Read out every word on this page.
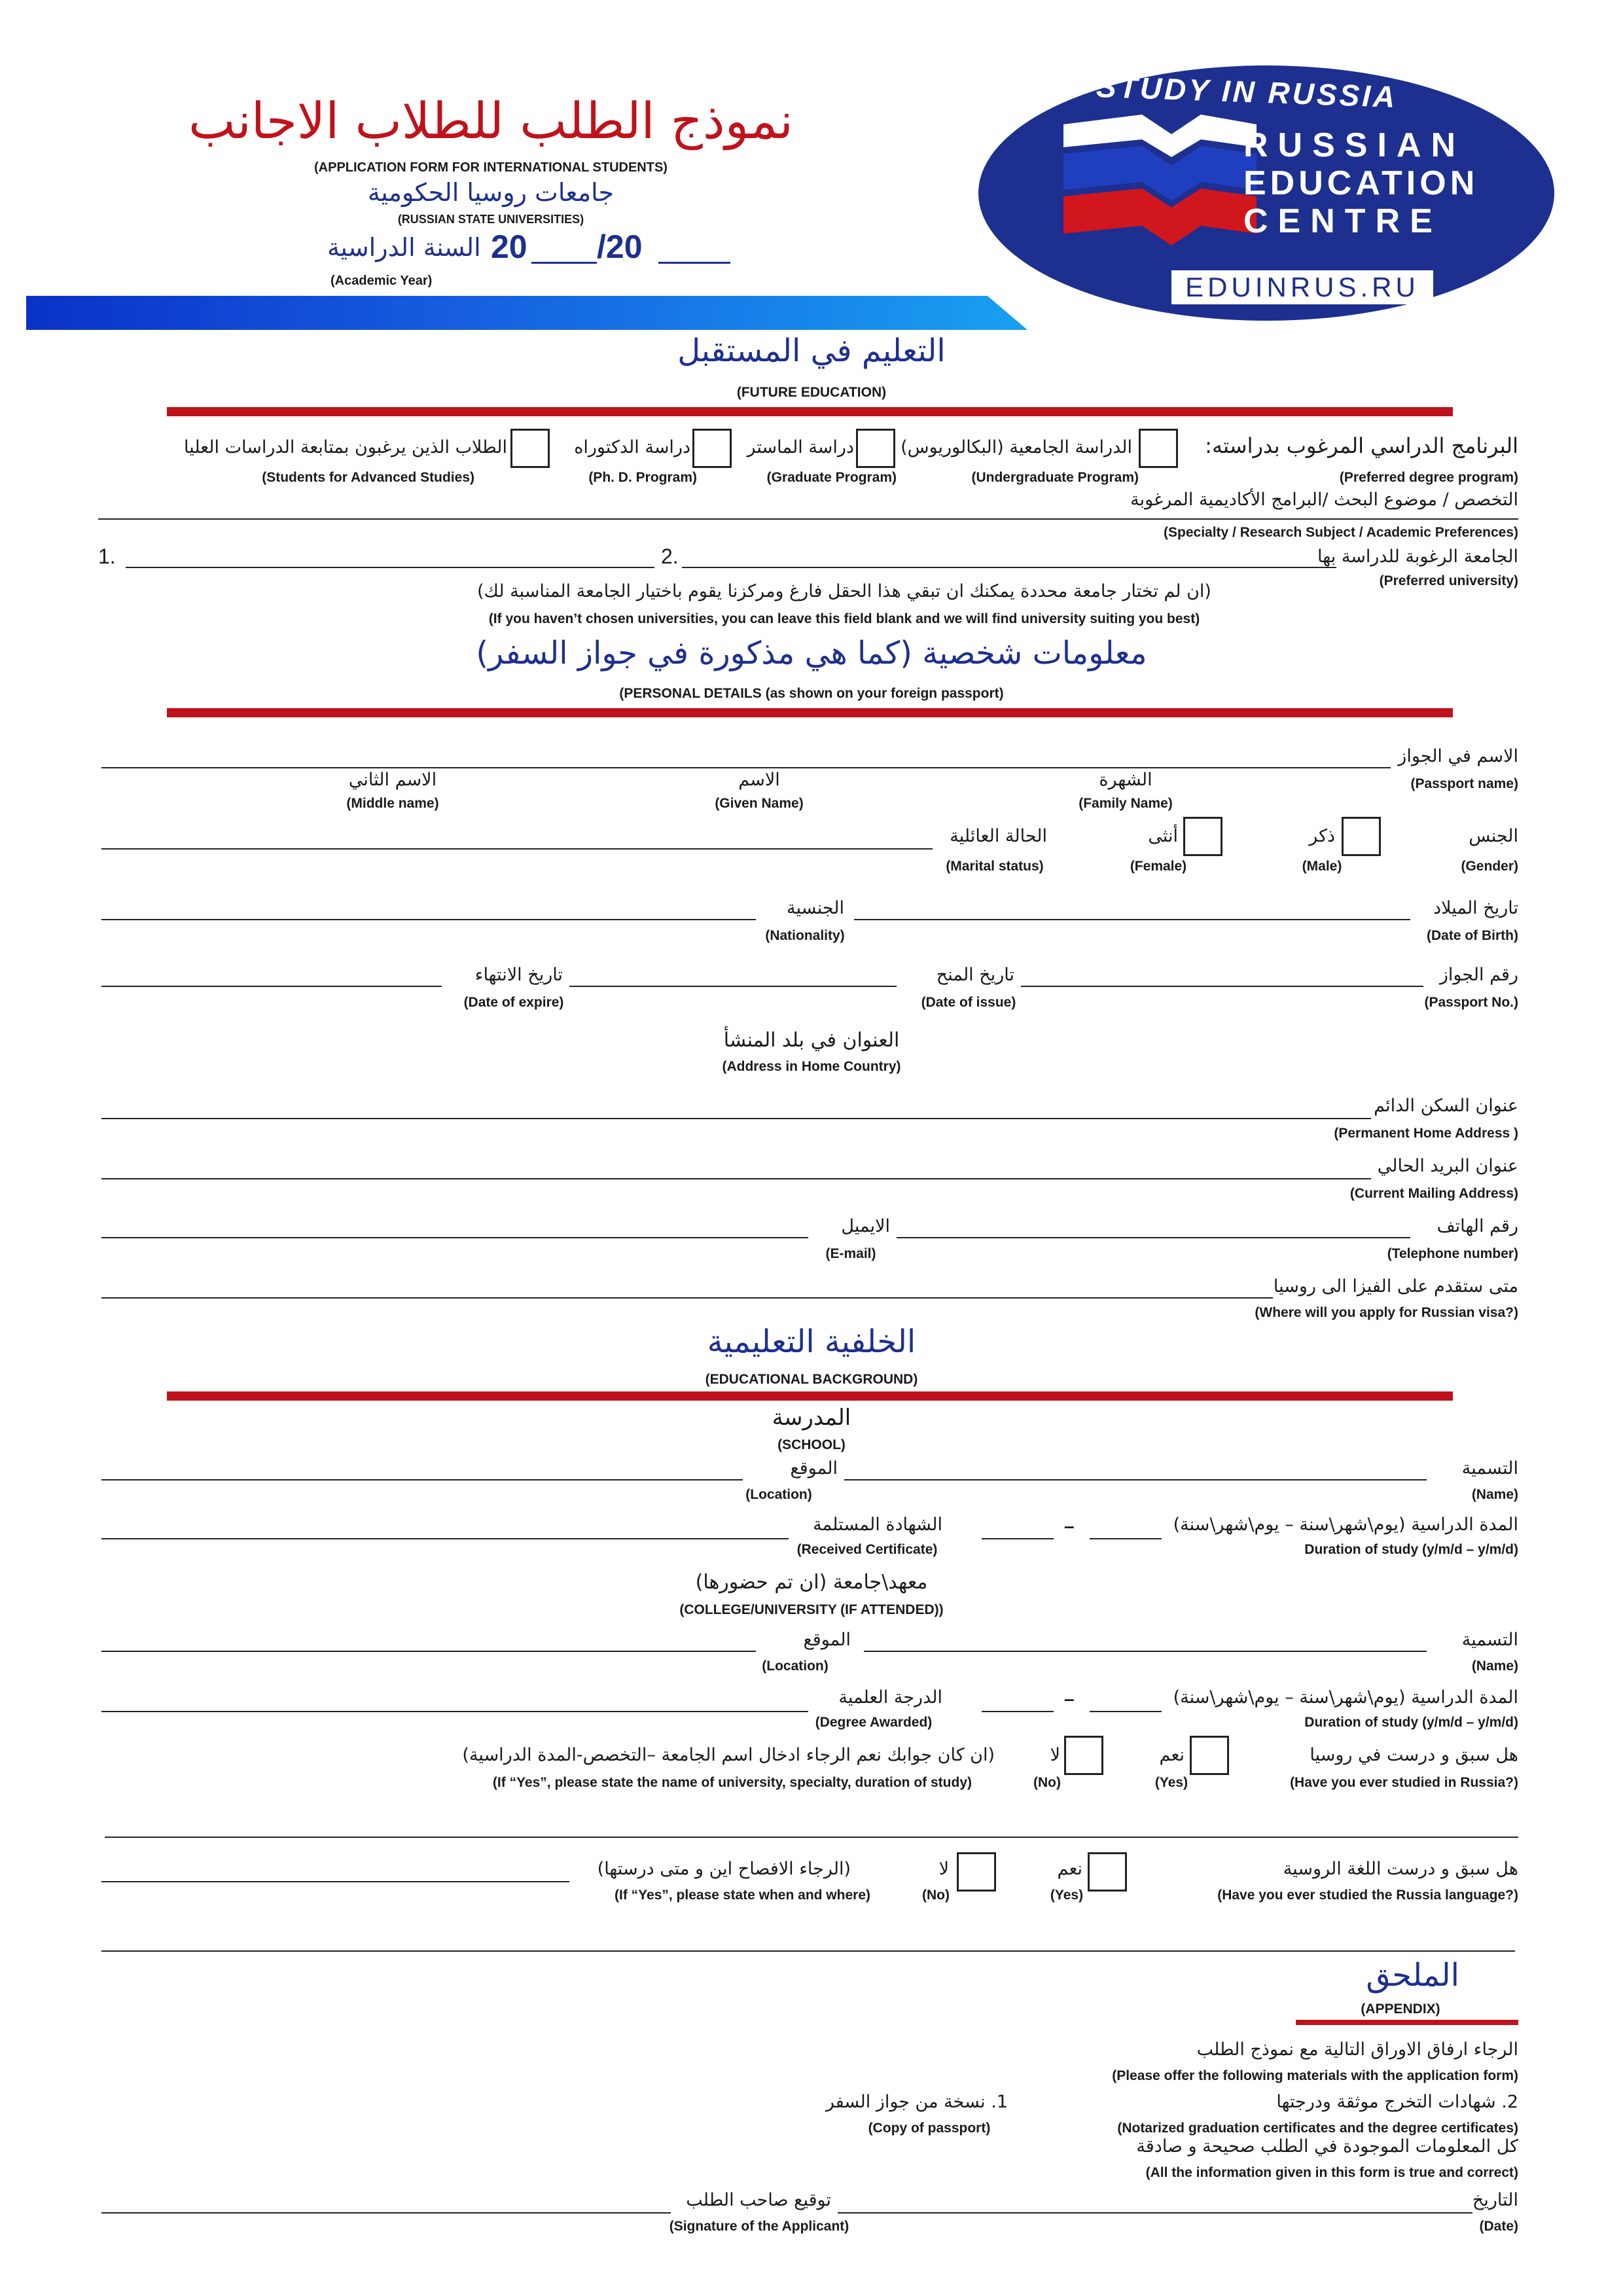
نموذج الطلب للطلاب الاجانب
(APPLICATION FORM FOR INTERNATIONAL STUDENTS)
جامعات روسيا الحكومية
(RUSSIAN STATE UNIVERSITIES)
السنة الدراسية 20 /20
(Academic Year)
STUDY IN RUSSIA
RUSSIAN
EDUCATION
CENTRE
EDUINRUS.RU
التعليم في المستقبل
(FUTURE EDUCATION)
البرنامج الدراسي المرغوب بدراسته:
(Preferred degree program)
الدراسة الجامعية (البكالوريوس)
(Undergraduate Program)
دراسة الماستر
(Graduate Program)
دراسة الدكتوراه
(Ph. D. Program)
الطلاب الذين يرغبون بمتابعة الدراسات العليا
(Students for Advanced Studies)
التخصص / موضوع البحث /البرامج الأكاديمية المرغوبة
(Specialty / Research Subject / Academic Preferences)
1.	2.	الجامعة الرغوبة للدراسة بها
(Preferred university)
(ان لم تختار جامعة محددة يمكنك ان تبقي هذا الحقل فارغ ومركزنا يقوم باختيار الجامعة المناسبة لك)
(If you haven’t chosen universities, you can leave this field blank and we will find university suiting you best)
معلومات شخصية (كما هي مذكورة في جواز السفر)
(PERSONAL DETAILS (as shown on your foreign passport)
الاسم في الجواز
(Passport name)
الشهرة
(Family Name)
الاسم
(Given Name)
الاسم الثاني
(Middle name)
الجنس
(Gender)
ذكر
(Male)
أنثى
(Female)
الحالة العائلية
(Marital status)
تاريخ الميلاد
(Date of Birth)
الجنسية
(Nationality)
رقم الجواز
(Passport No.)
تاريخ المنح
(Date of issue)
تاريخ الانتهاء
(Date of expire)
العنوان في بلد المنشأ
(Address in Home Country)
عنوان السكن الدائم
(Permanent Home Address )
عنوان البريد الحالي
(Current Mailing Address)
رقم الهاتف
(Telephone number)
الايميل
(E-mail)
متى ستقدم على الفيزا الى روسيا
(Where will you apply for Russian visa?)
الخلفية التعليمية
(EDUCATIONAL BACKGROUND)
المدرسة
(SCHOOL)
التسمية
(Name)
الموقع
(Location)
المدة الدراسية (يوم\شهر\سنة – يوم\شهر\سنة)
Duration of study (y/m/d – y/m/d)
–
الشهادة المستلمة
(Received Certificate)
معهد\جامعة (ان تم حضورها)
(COLLEGE/UNIVERSITY (IF ATTENDED))
التسمية
(Name)
الموقع
(Location)
المدة الدراسية (يوم\شهر\سنة – يوم\شهر\سنة)
Duration of study (y/m/d – y/m/d)
–
الدرجة العلمية
(Degree Awarded)
هل سبق و درست في روسيا
(Have you ever studied in Russia?)
نعم
(Yes)
لا
(No)
(ان كان جوابك نعم الرجاء ادخال اسم الجامعة –التخصص-المدة الدراسية)
(If “Yes”, please state the name of university, specialty, duration of study)
هل سبق و درست اللغة الروسية
(Have you ever studied the Russia language?)
نعم
(Yes)
لا
(No)
(الرجاء الافصاح اين و متى درستها)
(If “Yes”, please state when and where)
الملحق
(APPENDIX)
الرجاء ارفاق الاوراق التالية مع نموذج الطلب
(Please offer the following materials with the application form)
2. شهادات التخرج موثقة ودرجتها
(Notarized graduation certificates and the degree certificates)
1. نسخة من جواز السفر
(Copy of passport)
كل المعلومات الموجودة في الطلب صحيحة و صادقة
(All the information given in this form is true and correct)
التاريخ
(Date)
توقيع صاحب الطلب
(Signature of the Applicant)
